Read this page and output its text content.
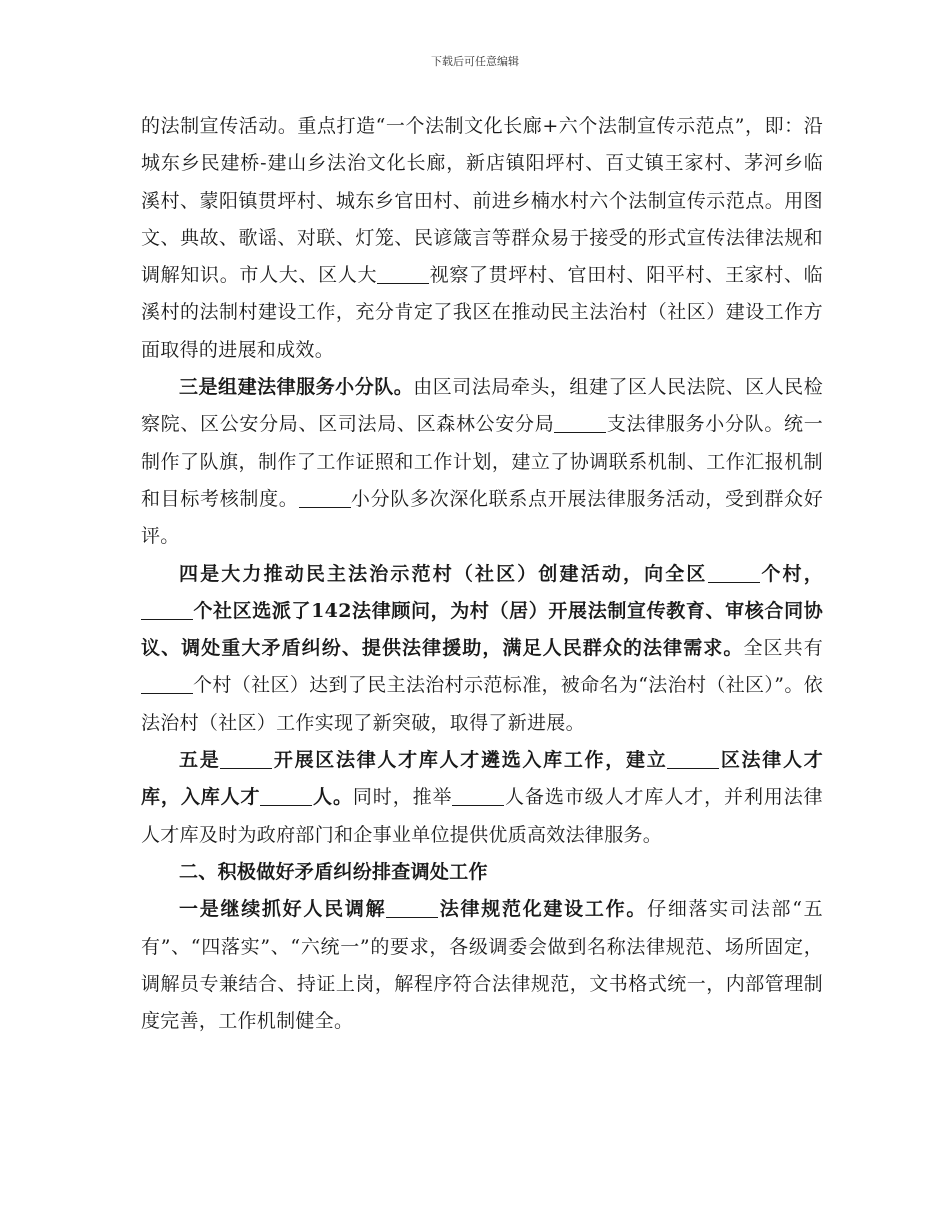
下载后可任意编辑

的法制宣传活动。重点打造“一个法制文化长廊+六个法制宣传示范点”，即：沿城东乡民建桥-建山乡法治文化长廊，新店镇阳坪村、百丈镇王家村、茅河乡临溪村、蒙阳镇贯坪村、城东乡官田村、前进乡楠水村六个法制宣传示范点。用图文、典故、歌谣、对联、灯笼、民谚箴言等群众易于接受的形式宣传法律法规和调解知识。市人大、区人大	视察了贯坪村、官田村、阳平村、王家村、临溪村的法制村建设工作，充分肯定了我区在推动民主法治村（社区）建设工作方面取得的进展和成效。

三是组建法律服务小分队。由区司法局牵头，组建了区人民法院、区人民检察院、区公安分局、区司法局、区森林公安分局	支法律服务小分队。统一制作了队旗，制作了工作证照和工作计划，建立了协调联系机制、工作汇报机制和目标考核制度。	小分队多次深化联系点开展法律服务活动，受到群众好评。

四是大力推动民主法治示范村（社区）创建活动，向全区	个村，个社区选派了142法律顾问，为村（居）开展法制宣传教育、审核合同协议、调处重大矛盾纠纷、提供法律援助，满足人民群众的法律需求。全区共有个村（社区）达到了民主法治村示范标准，被命名为“法治村（社区）”。依法治村（社区）工作实现了新突破，取得了新进展。

五是	开展区法律人才库人才遴选入库工作，建立	区法律人才库，入库人才	人。同时，推举	人备选市级人才库人才，并利用法律人才库及时为政府部门和企事业单位提供优质高效法律服务。

二、积极做好矛盾纠纷排查调处工作

一是继续抓好人民调解	法律规范化建设工作。仔细落实司法部“五有”、“四落实”、“六统一”的要求，各级调委会做到名称法律规范、场所固定，调解员专兼结合、持证上岗，解程序符合法律规范，文书格式统一，内部管理制度完善，工作机制健全。
